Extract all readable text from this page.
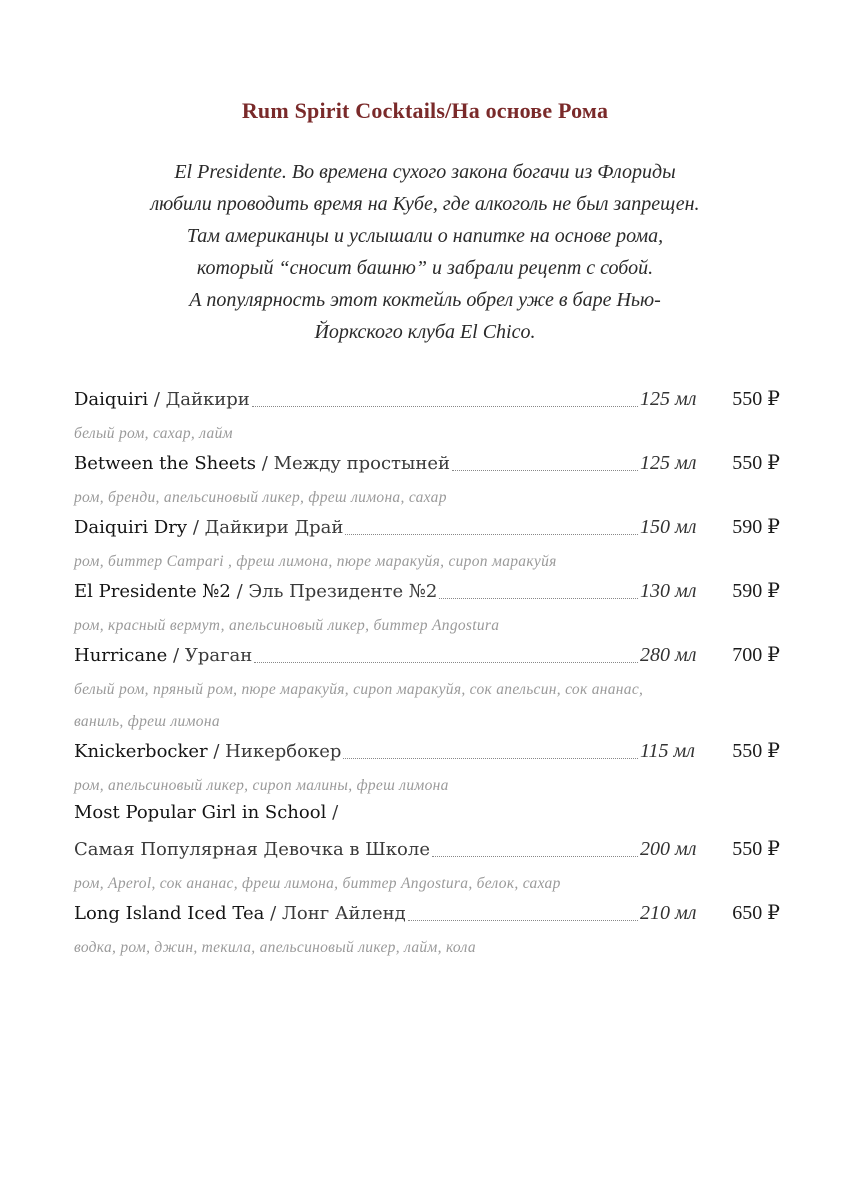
Rum Spirit Cocktails/На основе Рома
El Presidente. Во времена сухого закона богачи из Флориды
любили проводить время на Кубе, где алкоголь не был запрещен.
Там американцы и услышали о напитке на основе рома,
который “сносит башню” и забрали рецепт с собой.
А популярность этот коктейль обрел уже в баре Нью-
Йоркского клуба El Chico.
Daiquiri / Дайкири	125 мл	550 ₽
белый ром, сахар, лайм
Between the Sheets / Между простыней	125 мл	550 ₽
ром, бренди, апельсиновый ликер, фреш лимона, сахар
Daiquiri Dry / Дайкири Драй	150 мл	590 ₽
ром, биттер Campari , фреш лимона, пюре маракуйя, сироп маракуйя
El Presidente №2 / Эль Президенте №2	130 мл	590 ₽
ром, красный вермут, апельсиновый ликер, биттер Angostura
Hurricane / Ураган	280 мл	700 ₽
белый ром, пряный ром, пюре маракуйя, сироп маракуйя, сок апельсин, сок ананас,
ваниль, фреш лимона
Knickerbocker / Никербокер	115 мл	550 ₽
ром, апельсиновый ликер, сироп малины, фреш лимона
Most Popular Girl in School /
Самая Популярная Девочка в Школе	200 мл	550 ₽
ром, Aperol, сок ананас, фреш лимона, биттер Angostura, белок, сахар
Long Island Iced Tea / Лонг Айленд	210 мл	650 ₽
водка, ром, джин, текила, апельсиновый ликер, лайм, кола
